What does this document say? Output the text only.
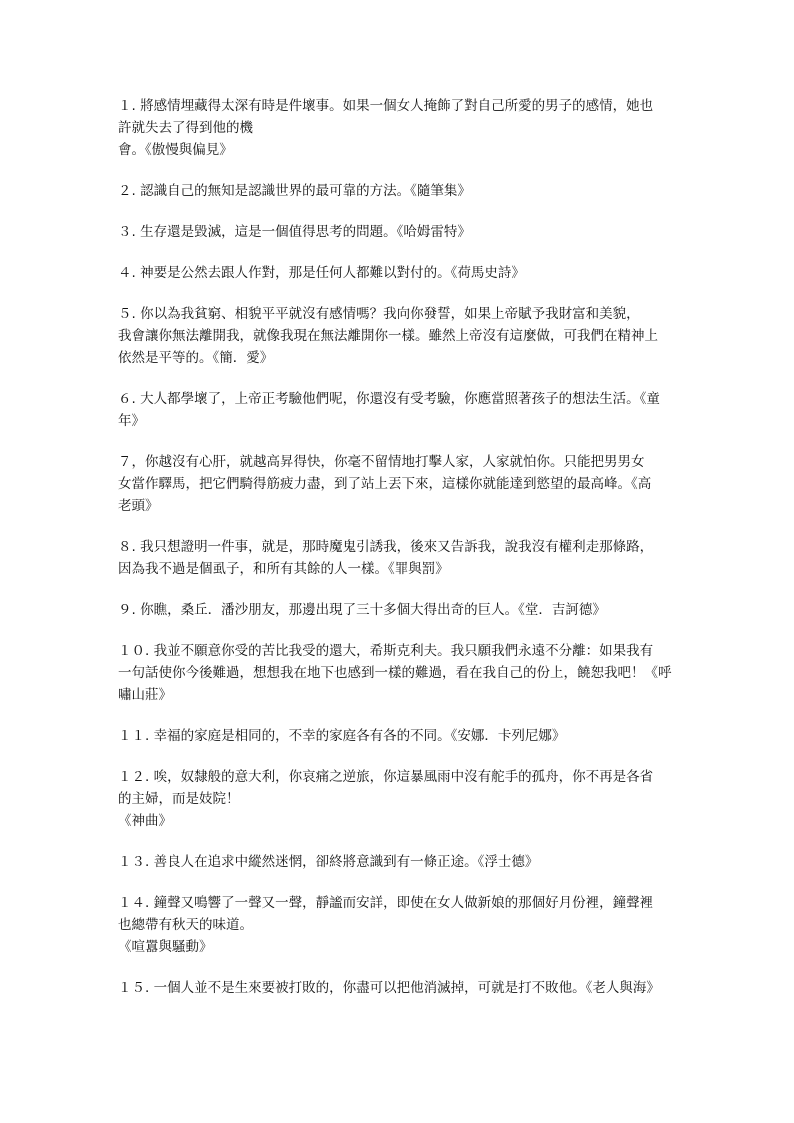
１. 將感情埋藏得太深有時是件壞事。如果一個女人掩飾了對自己所愛的男子的感情，她也
許就失去了得到他的機
會。《傲慢與偏見》
２. 認識自己的無知是認識世界的最可靠的方法。《隨筆集》
３. 生存還是毀滅，這是一個值得思考的問題。《哈姆雷特》
４. 神要是公然去跟人作對，那是任何人都難以對付的。《荷馬史詩》
５. 你以為我貧窮、相貌平平就沒有感情嗎？我向你發誓，如果上帝賦予我財富和美貌，
我會讓你無法離開我，就像我現在無法離開你一樣。雖然上帝沒有這麼做，可我們在精神上
依然是平等的。《簡．愛》
６. 大人都學壞了，上帝正考驗他們呢，你還沒有受考驗，你應當照著孩子的想法生活。《童
年》
７，你越沒有心肝，就越高昇得快，你毫不留情地打擊人家，人家就怕你。只能把男男女
女當作驛馬，把它們騎得筋疲力盡，到了站上丟下來，這樣你就能達到慾望的最高峰。《高
老頭》
８. 我只想證明一件事，就是，那時魔鬼引誘我，後來又告訴我，說我沒有權利走那條路，
因為我不過是個虱子，和所有其餘的人一樣。《罪與罰》
９. 你瞧，桑丘．潘沙朋友，那邊出現了三十多個大得出奇的巨人。《堂．吉訶德》
１０. 我並不願意你受的苦比我受的還大，希斯克利夫。我只願我們永遠不分離：如果我有
一句話使你今後難過，想想我在地下也感到一樣的難過，看在我自己的份上，饒恕我吧！《呼
嘯山莊》
１１. 幸福的家庭是相同的，不幸的家庭各有各的不同。《安娜．卡列尼娜》
１２. 唉，奴隸般的意大利，你哀痛之逆旅，你這暴風雨中沒有舵手的孤舟，你不再是各省
的主婦，而是妓院！
《神曲》
１３. 善良人在追求中縱然迷惘，卻終將意識到有一條正途。《浮士德》
１４. 鐘聲又鳴響了一聲又一聲，靜謐而安詳，即使在女人做新娘的那個好月份裡，鐘聲裡
也總帶有秋天的味道。
《喧囂與騷動》
１５. 一個人並不是生來要被打敗的，你盡可以把他消滅掉，可就是打不敗他。《老人與海》
